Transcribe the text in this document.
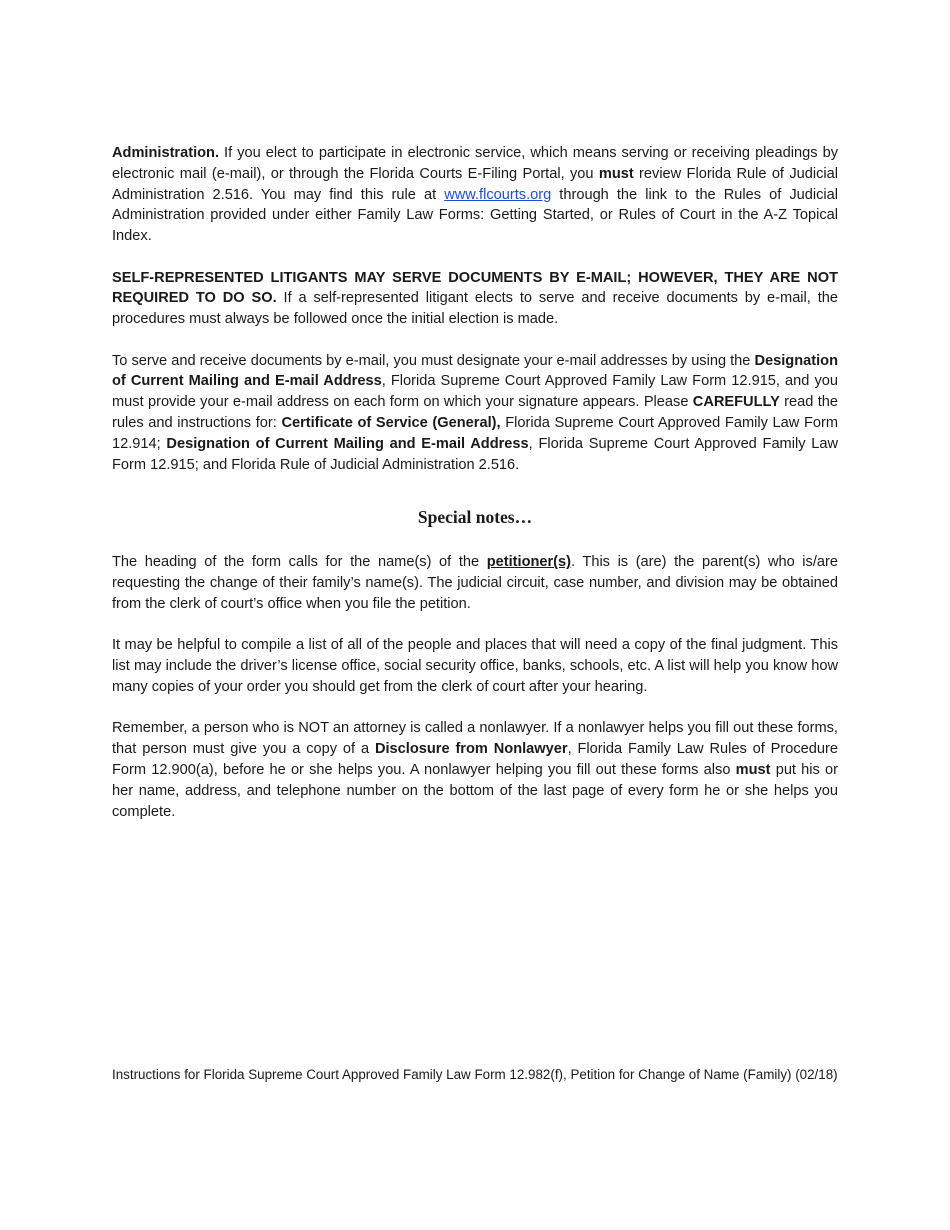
Administration. If you elect to participate in electronic service, which means serving or receiving pleadings by electronic mail (e-mail), or through the Florida Courts E-Filing Portal, you must review Florida Rule of Judicial Administration 2.516. You may find this rule at www.flcourts.org through the link to the Rules of Judicial Administration provided under either Family Law Forms: Getting Started, or Rules of Court in the A-Z Topical Index.

SELF-REPRESENTED LITIGANTS MAY SERVE DOCUMENTS BY E-MAIL; HOWEVER, THEY ARE NOT REQUIRED TO DO SO. If a self-represented litigant elects to serve and receive documents by e-mail, the procedures must always be followed once the initial election is made.

To serve and receive documents by e-mail, you must designate your e-mail addresses by using the Designation of Current Mailing and E-mail Address, Florida Supreme Court Approved Family Law Form 12.915, and you must provide your e-mail address on each form on which your signature appears. Please CAREFULLY read the rules and instructions for: Certificate of Service (General), Florida Supreme Court Approved Family Law Form 12.914; Designation of Current Mailing and E-mail Address, Florida Supreme Court Approved Family Law Form 12.915; and Florida Rule of Judicial Administration 2.516.

Special notes…

The heading of the form calls for the name(s) of the petitioner(s). This is (are) the parent(s) who is/are requesting the change of their family’s name(s). The judicial circuit, case number, and division may be obtained from the clerk of court’s office when you file the petition.

It may be helpful to compile a list of all of the people and places that will need a copy of the final judgment. This list may include the driver’s license office, social security office, banks, schools, etc. A list will help you know how many copies of your order you should get from the clerk of court after your hearing.

Remember, a person who is NOT an attorney is called a nonlawyer. If a nonlawyer helps you fill out these forms, that person must give you a copy of a Disclosure from Nonlawyer, Florida Family Law Rules of Procedure Form 12.900(a), before he or she helps you. A nonlawyer helping you fill out these forms also must put his or her name, address, and telephone number on the bottom of the last page of every form he or she helps you complete.

Instructions for Florida Supreme Court Approved Family Law Form 12.982(f), Petition for Change of Name (Family) (02/18)
